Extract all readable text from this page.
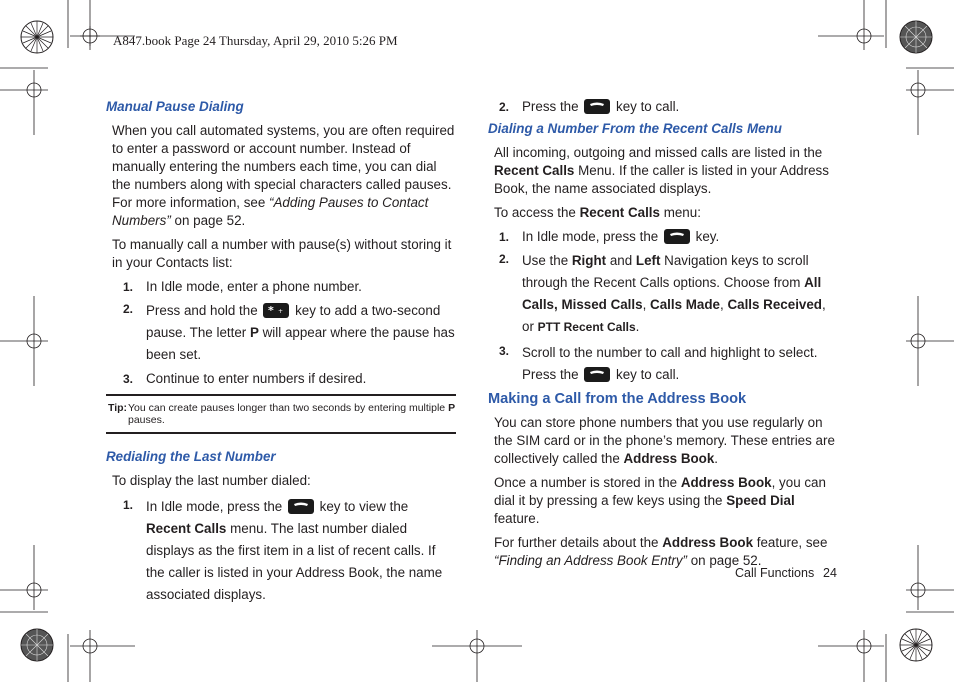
A847.book Page 24 Thursday, April 29, 2010 5:26 PM
Manual Pause Dialing
When you call automated systems, you are often required to enter a password or account number. Instead of manually entering the numbers each time, you can dial the numbers along with special characters called pauses. For more information, see “Adding Pauses to Contact Numbers” on page 52.
To manually call a number with pause(s) without storing it in your Contacts list:
1. In Idle mode, enter a phone number.
2. Press and hold the * + key to add a two-second pause. The letter P will appear where the pause has been set.
3. Continue to enter numbers if desired.
Tip: You can create pauses longer than two seconds by entering multiple P pauses.
Redialing the Last Number
To display the last number dialed:
1. In Idle mode, press the
key to view the Recent Calls menu. The last number dialed displays as the first item in a list of recent calls. If the caller is listed in your Address Book, the name associated displays.
2. Press the
key to call.
Dialing a Number From the Recent Calls Menu
All incoming, outgoing and missed calls are listed in the Recent Calls Menu. If the caller is listed in your Address Book, the name associated displays.
To access the Recent Calls menu:
1. In Idle mode, press the
key.
2. Use the Right and Left Navigation keys to scroll through the Recent Calls options. Choose from All Calls, Missed Calls, Calls Made, Calls Received, or PTT Recent Calls.
3. Scroll to the number to call and highlight to select. Press the
key to call.
Making a Call from the Address Book
You can store phone numbers that you use regularly on the SIM card or in the phone’s memory. These entries are collectively called the Address Book.
Once a number is stored in the Address Book, you can dial it by pressing a few keys using the Speed Dial feature.
For further details about the Address Book feature, see “Finding an Address Book Entry” on page 52.
Call Functions 24
